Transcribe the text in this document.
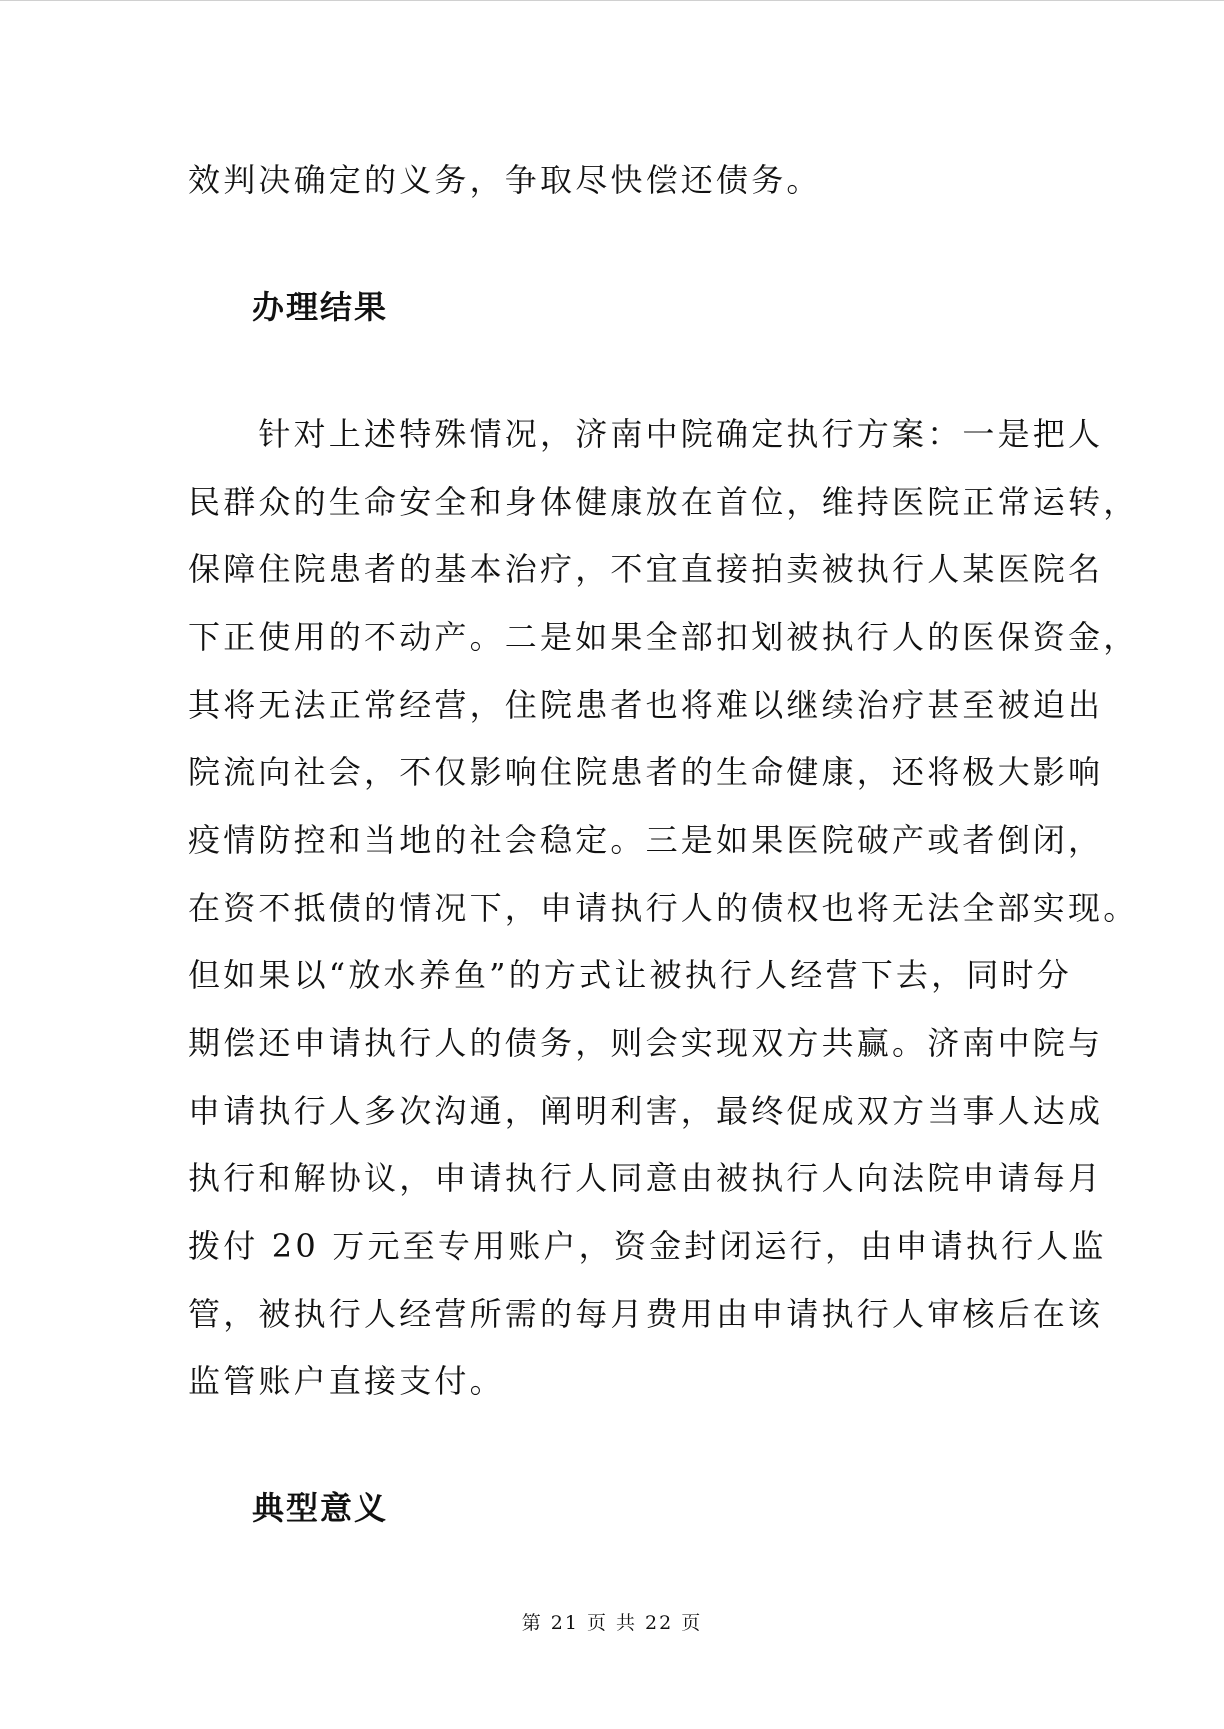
效判决确定的义务，争取尽快偿还债务。
办理结果
　　针对上述特殊情况，济南中院确定执行方案：一是把人
民群众的生命安全和身体健康放在首位，维持医院正常运转，
保障住院患者的基本治疗，不宜直接拍卖被执行人某医院名
下正使用的不动产。二是如果全部扣划被执行人的医保资金，
其将无法正常经营，住院患者也将难以继续治疗甚至被迫出
院流向社会，不仅影响住院患者的生命健康，还将极大影响
疫情防控和当地的社会稳定。三是如果医院破产或者倒闭，
在资不抵债的情况下，申请执行人的债权也将无法全部实现。
但如果以“放水养鱼”的方式让被执行人经营下去，同时分
期偿还申请执行人的债务，则会实现双方共赢。济南中院与
申请执行人多次沟通，阐明利害，最终促成双方当事人达成
执行和解协议，申请执行人同意由被执行人向法院申请每月
拨付 20 万元至专用账户，资金封闭运行，由申请执行人监
管，被执行人经营所需的每月费用由申请执行人审核后在该
监管账户直接支付。
典型意义
第 21 页 共 22 页
